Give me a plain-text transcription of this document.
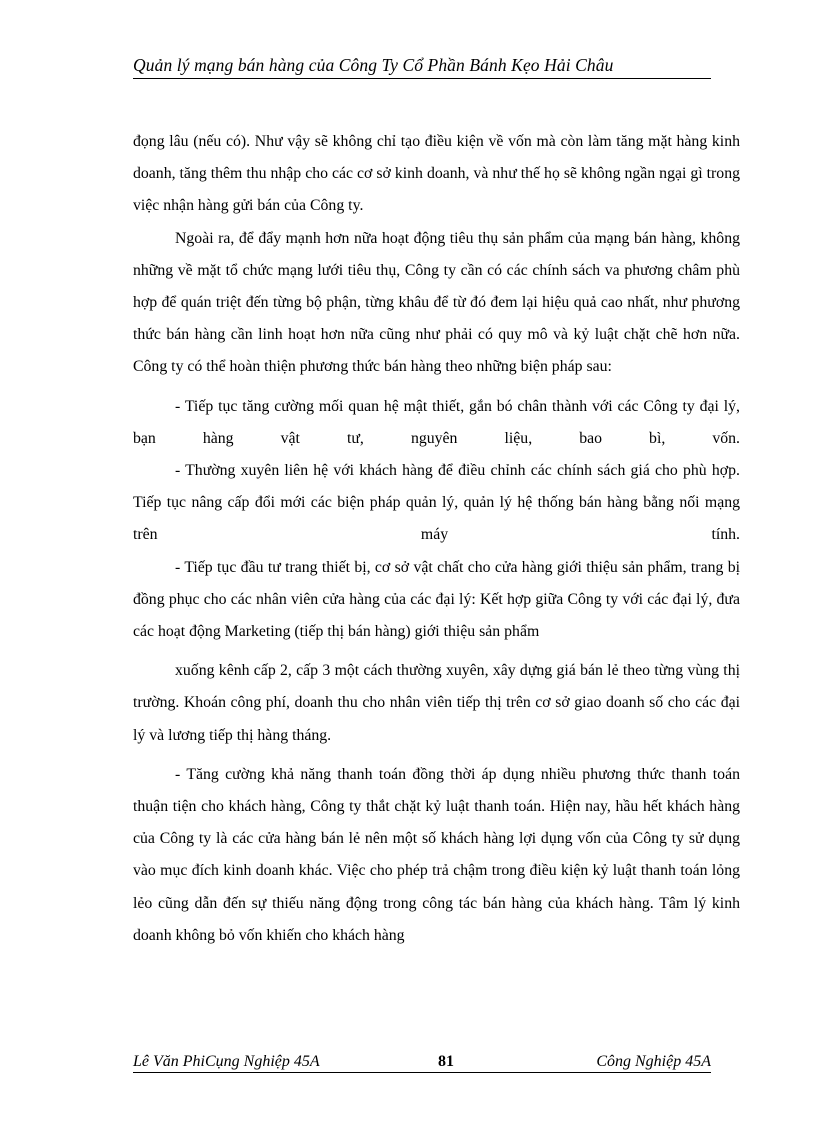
Quản lý mạng bán hàng của Công Ty Cổ Phần Bánh Kẹo Hải Châu

đọng lâu (nếu có). Như vậy sẽ không chỉ tạo điều kiện về vốn mà còn làm tăng mặt hàng kinh doanh, tăng thêm thu nhập cho các cơ sở kinh doanh, và như thế họ sẽ không ngần ngại gì trong việc nhận hàng gửi bán của Công ty.

Ngoài ra, để đẩy mạnh hơn nữa hoạt động tiêu thụ sản phẩm của mạng bán hàng, không những về mặt tổ chức mạng lưới tiêu thụ, Công ty cần có các chính sách va phương châm phù hợp để quán triệt đến từng bộ phận, từng khâu để từ đó đem lại hiệu quả cao nhất, như phương thức bán hàng cần linh hoạt hơn nữa cũng như phải có quy mô và kỷ luật chặt chẽ hơn nữa. Công ty có thể hoàn thiện phương thức bán hàng theo những biện pháp sau:

- Tiếp tục tăng cường mối quan hệ mật thiết, gắn bó chân thành với các Công ty đại lý, bạn hàng vật tư, nguyên liệu, bao bì, vốn.

- Thường xuyên liên hệ với khách hàng để điều chỉnh các chính sách giá cho phù hợp. Tiếp tục nâng cấp đổi mới các biện pháp quản lý, quản lý hệ thống bán hàng bằng nối mạng trên máy tính.

- Tiếp tục đầu tư trang thiết bị, cơ sở vật chất cho cửa hàng giới thiệu sản phẩm, trang bị đồng phục cho các nhân viên cửa hàng của các đại lý: Kết hợp giữa Công ty với các đại lý, đưa các hoạt động Marketing (tiếp thị bán hàng) giới thiệu sản phẩm

xuống kênh cấp 2, cấp 3 một cách thường xuyên, xây dựng giá bán lẻ theo từng vùng thị trường. Khoán công phí, doanh thu cho nhân viên tiếp thị trên cơ sở giao doanh số cho các đại lý và lương tiếp thị hàng tháng.

- Tăng cường khả năng thanh toán đồng thời áp dụng nhiều phương thức thanh toán thuận tiện cho khách hàng, Công ty thắt chặt kỷ luật thanh toán. Hiện nay, hầu hết khách hàng của Công ty là các cửa hàng bán lẻ nên một số khách hàng lợi dụng vốn của Công ty sử dụng vào mục đích kinh doanh khác. Việc cho phép trả chậm trong điều kiện kỷ luật thanh toán lỏng lẻo cũng dẫn đến sự thiếu năng động trong công tác bán hàng của khách hàng. Tâm lý kinh doanh không bỏ vốn khiến cho khách hàng

Lê Văn PhiCụng Nghiệp 45A	81	Công Nghiệp 45A
